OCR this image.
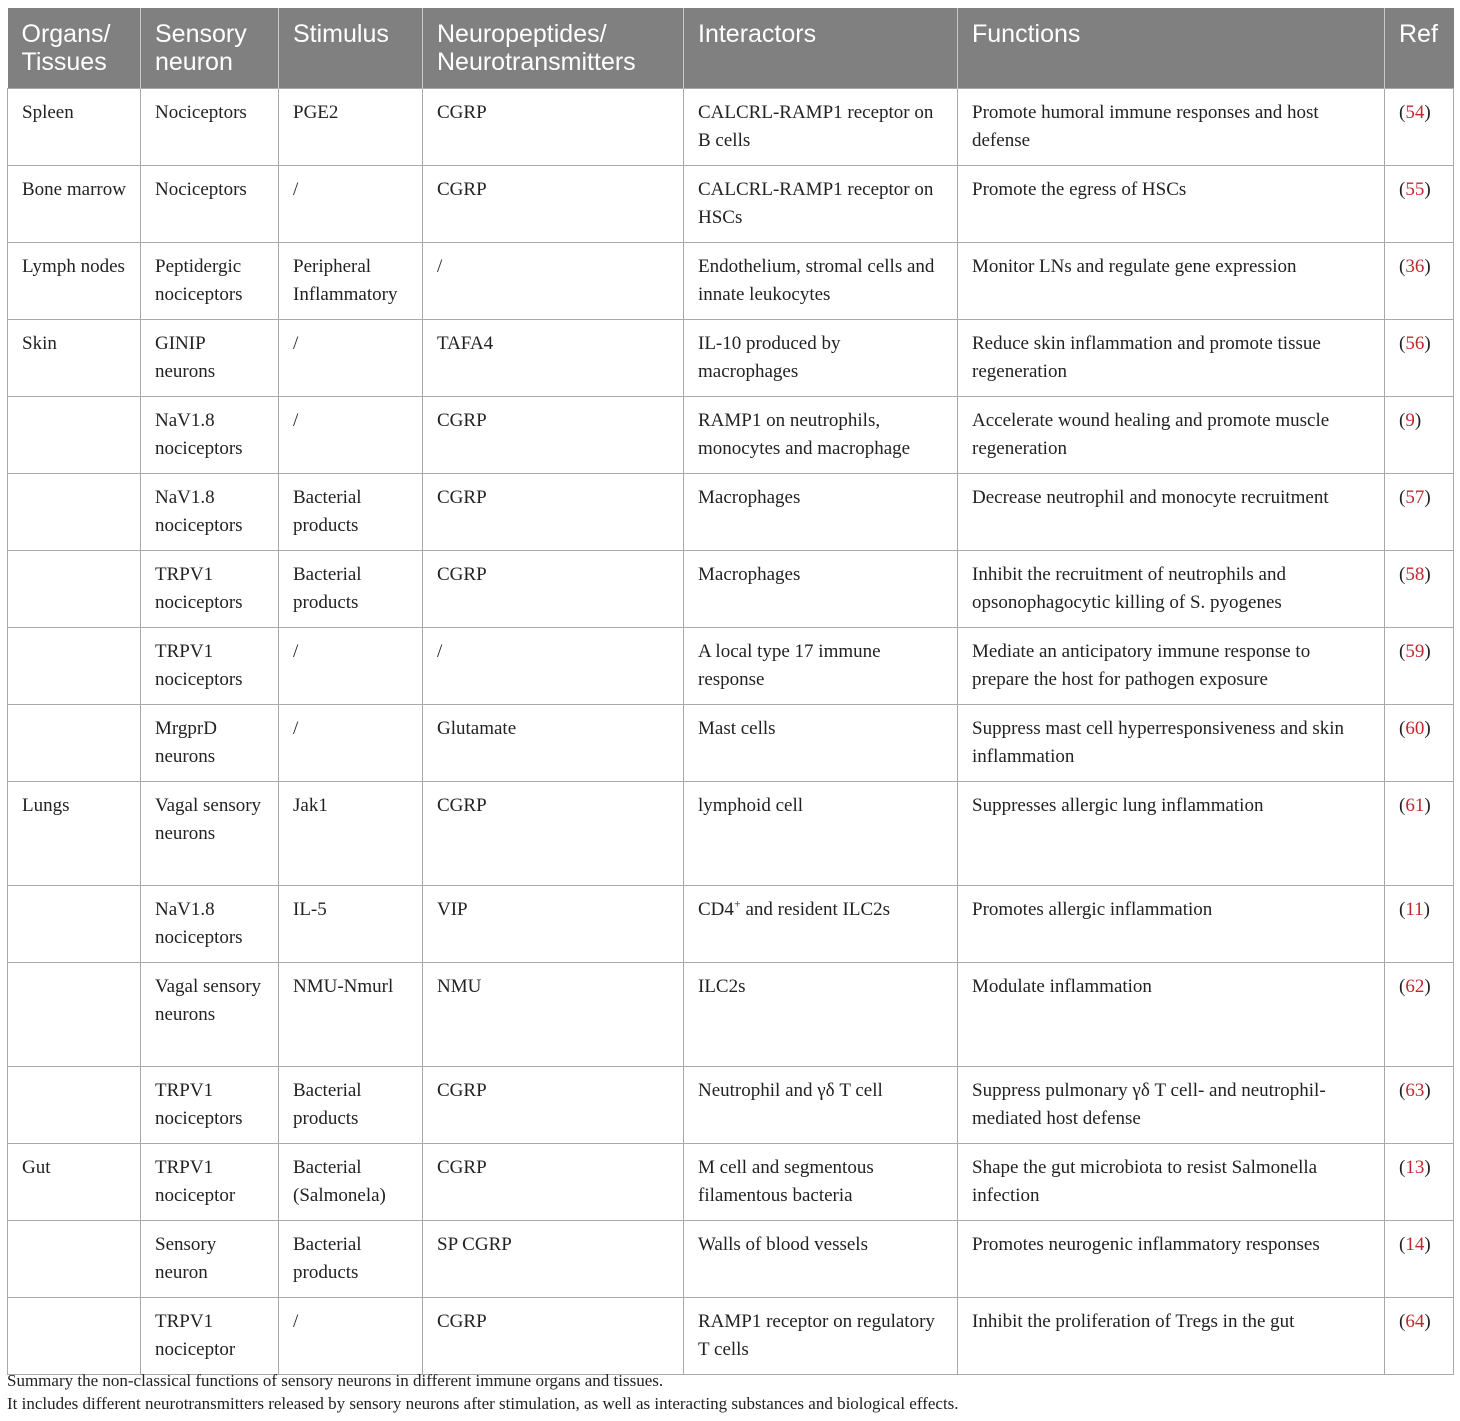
Organs/ Tissues	Sensory neuron	Stimulus	Neuropeptides/ Neurotransmitters	Interactors	Functions	Ref
Spleen	Nociceptors	PGE2	CGRP	CALCRL-RAMP1 receptor on B cells	Promote humoral immune responses and host defense	(54)
Bone marrow	Nociceptors	/	CGRP	CALCRL-RAMP1 receptor on HSCs	Promote the egress of HSCs	(55)
Lymph nodes	Peptidergic nociceptors	Peripheral Inflammatory	/	Endothelium, stromal cells and innate leukocytes	Monitor LNs and regulate gene expression	(36)
Skin	GINIP neurons	/	TAFA4	IL-10 produced by macrophages	Reduce skin inflammation and promote tissue regeneration	(56)
	NaV1.8 nociceptors	/	CGRP	RAMP1 on neutrophils, monocytes and macrophage	Accelerate wound healing and promote muscle regeneration	(9)
	NaV1.8 nociceptors	Bacterial products	CGRP	Macrophages	Decrease neutrophil and monocyte recruitment	(57)
	TRPV1 nociceptors	Bacterial products	CGRP	Macrophages	Inhibit the recruitment of neutrophils and opsonophagocytic killing of S. pyogenes	(58)
	TRPV1 nociceptors	/	/	A local type 17 immune response	Mediate an anticipatory immune response to prepare the host for pathogen exposure	(59)
	MrgprD neurons	/	Glutamate	Mast cells	Suppress mast cell hyperresponsiveness and skin inflammation	(60)
Lungs	Vagal sensory neurons	Jak1	CGRP	lymphoid cell	Suppresses allergic lung inflammation	(61)
	NaV1.8 nociceptors	IL-5	VIP	CD4+ and resident ILC2s	Promotes allergic inflammation	(11)
	Vagal sensory neurons	NMU-Nmurl	NMU	ILC2s	Modulate inflammation	(62)
	TRPV1 nociceptors	Bacterial products	CGRP	Neutrophil and γδ T cell	Suppress pulmonary γδ T cell- and neutrophil-mediated host defense	(63)
Gut	TRPV1 nociceptor	Bacterial (Salmonela)	CGRP	M cell and segmentous filamentous bacteria	Shape the gut microbiota to resist Salmonella infection	(13)
	Sensory neuron	Bacterial products	SP CGRP	Walls of blood vessels	Promotes neurogenic inflammatory responses	(14)
	TRPV1 nociceptor	/	CGRP	RAMP1 receptor on regulatory T cells	Inhibit the proliferation of Tregs in the gut	(64)
Summary the non-classical functions of sensory neurons in different immune organs and tissues.
It includes different neurotransmitters released by sensory neurons after stimulation, as well as interacting substances and biological effects.
